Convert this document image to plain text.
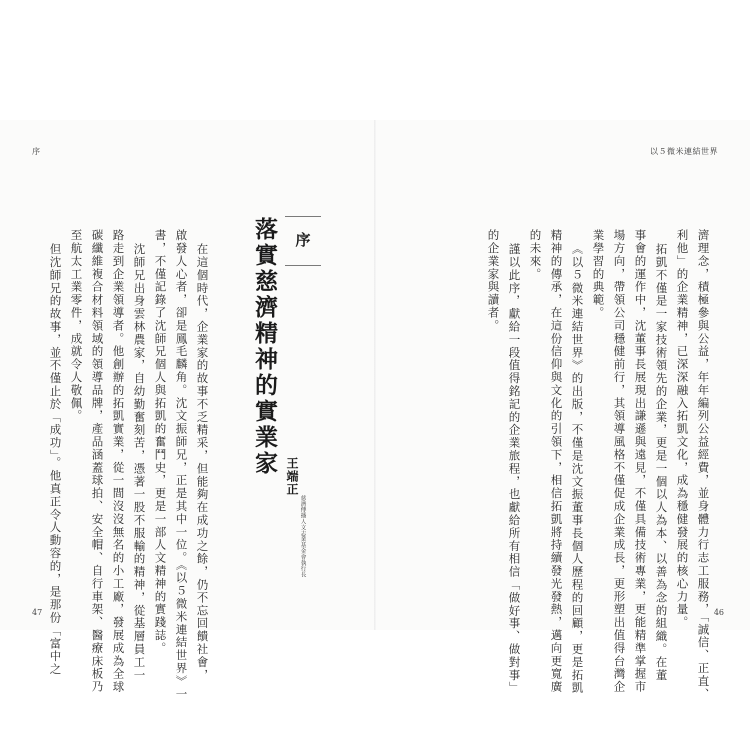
序
47
序
落實慈濟精神的實業家 王端正
慈濟傳播人文志業基金會執行長
在這個時代，企業家的故事不乏精采，但能夠在成功之餘，仍不忘回饋社會，
啟發人心者，卻是鳳毛麟角。沈文振師兄，正是其中一位。《以５微米連結世界》一
書，不僅記錄了沈師兄個人與拓凱的奮鬥史，更是一部人文精神的實踐誌。
沈師兄出身雲林農家，自幼勤奮刻苦，憑著一股不服輸的精神，從基層員工一
路走到企業領導者。他創辦的拓凱實業，從一間沒沒無名的小工廠，發展成為全球
碳纖維複合材料領域的領導品牌，產品涵蓋球拍、安全帽、自行車架、醫療床板乃
至航太工業零件，成就令人敬佩。
但沈師兄的故事，並不僅止於「成功」。他真正令人動容的，是那份「富中之
以５微米連結世界
46
濟理念，積極參與公益，年年編列公益經費，並身體力行志工服務，「誠信、正直、
利他」的企業精神，已深深融入拓凱文化，成為穩健發展的核心力量。
拓凱不僅是一家技術領先的企業，更是一個以人為本、以善為念的組織。在董
事會的運作中，沈董事長展現出謙遜與遠見，不僅具備技術專業，更能精準掌握市
場方向，帶領公司穩健前行，其領導風格不僅促成企業成長，更形塑出值得台灣企
業學習的典範。
《以５微米連結世界》的出版，不僅是沈文振董事長個人歷程的回顧，更是拓凱
精神的傳承，在這份信仰與文化的引領下，相信拓凱將持續發光發熱，邁向更寬廣
的未來。
謹以此序，獻給一段值得銘記的企業旅程，也獻給所有相信「做好事、做對事」
的企業家與讀者。
